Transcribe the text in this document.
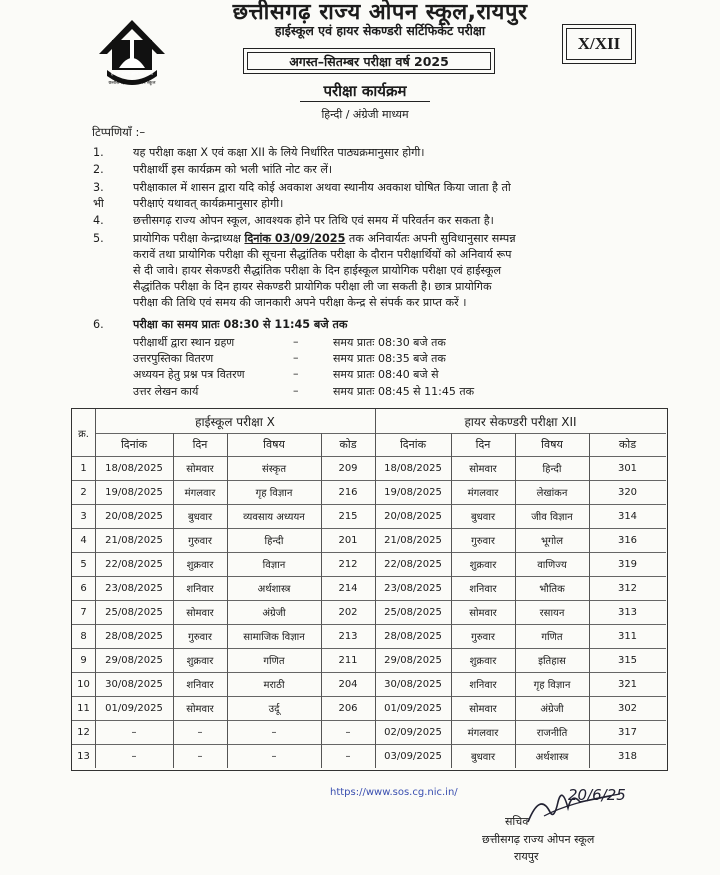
हर के दहार ज्ञान का दिया
छत्तीसगढ़ राज्य ओपन स्कूल
छत्तीसगढ़ राज्य ओपन स्कूल,रायपुर
हाईस्कूल एवं हायर सेकण्डरी सर्टिफिकेट परीक्षा
अगस्त–सितम्बर परीक्षा वर्ष 2025
X/XII
परीक्षा कार्यक्रम
हिन्दी / अंग्रेजी माध्यम
टिप्पणियाँ :–
1.	यह परीक्षा कक्षा X एवं कक्षा XII के लिये निर्धारित पाठ्यक्रमानुसार होगी।
2.	परीक्षार्थी इस कार्यक्रम को भली भांति नोट कर लें।
3.	परीक्षाकाल में शासन द्वारा यदि कोई अवकाश अथवा स्थानीय अवकाश घोषित किया जाता है तो
भी	परीक्षाएं यथावत् कार्यक्रमानुसार होगी।
4.	छत्तीसगढ़ राज्य ओपन स्कूल, आवश्यक होने पर तिथि एवं समय में परिवर्तन कर सकता है।
5.	प्रायोगिक परीक्षा केन्द्राध्यक्ष दिनांक 03/09/2025 तक अनिवार्यतः अपनी सुविधानुसार सम्पन्न
करावें तथा प्रायोगिक परीक्षा की सूचना सैद्धांतिक परीक्षा के दौरान परीक्षार्थियों को अनिवार्य रूप
से दी जावे। हायर सेकण्डरी सैद्धांतिक परीक्षा के दिन हाईस्कूल प्रायोगिक परीक्षा एवं हाईस्कूल
सैद्धांतिक परीक्षा के दिन हायर सेकण्डरी प्रायोगिक परीक्षा ली जा सकती है। छात्र प्रायोगिक
परीक्षा की तिथि एवं समय की जानकारी अपने परीक्षा केन्द्र से संपर्क कर प्राप्त करें ।
6.	परीक्षा का समय प्रातः 08:30 से 11:45 बजे तक
परीक्षार्थी द्वारा स्थान ग्रहण	–	समय प्रातः 08:30 बजे तक
उत्तरपुस्तिका वितरण	–	समय प्रातः 08:35 बजे तक
अध्ययन हेतु प्रश्न पत्र वितरण	–	समय प्रातः 08:40 बजे से
उत्तर लेखन कार्य	–	समय प्रातः 08:45 से 11:45 तक
क्र.
हाईस्कूल परीक्षा X	हायर सेकण्डरी परीक्षा XII
दिनांक	दिन	विषय	कोड	दिनांक	दिन	विषय	कोड
1	18/08/2025	सोमवार	संस्कृत	209	18/08/2025	सोमवार	हिन्दी	301
2	19/08/2025	मंगलवार	गृह विज्ञान	216	19/08/2025	मंगलवार	लेखांकन	320
3	20/08/2025	बुधवार	व्यवसाय अध्ययन	215	20/08/2025	बुधवार	जीव विज्ञान	314
4	21/08/2025	गुरुवार	हिन्दी	201	21/08/2025	गुरुवार	भूगोल	316
5	22/08/2025	शुक्रवार	विज्ञान	212	22/08/2025	शुक्रवार	वाणिज्य	319
6	23/08/2025	शनिवार	अर्थशास्त्र	214	23/08/2025	शनिवार	भौतिक	312
7	25/08/2025	सोमवार	अंग्रेजी	202	25/08/2025	सोमवार	रसायन	313
8	28/08/2025	गुरुवार	सामाजिक विज्ञान	213	28/08/2025	गुरुवार	गणित	311
9	29/08/2025	शुक्रवार	गणित	211	29/08/2025	शुक्रवार	इतिहास	315
10	30/08/2025	शनिवार	मराठी	204	30/08/2025	शनिवार	गृह विज्ञान	321
11	01/09/2025	सोमवार	उर्दू	206	01/09/2025	सोमवार	अंग्रेजी	302
12	–	–	–	–	02/09/2025	मंगलवार	राजनीति	317
13	–	–	–	–	03/09/2025	बुधवार	अर्थशास्त्र	318
https://www.sos.cg.nic.in/	20/6/25
सचिव
छत्तीसगढ़ राज्य ओपन स्कूल
रायपुर
